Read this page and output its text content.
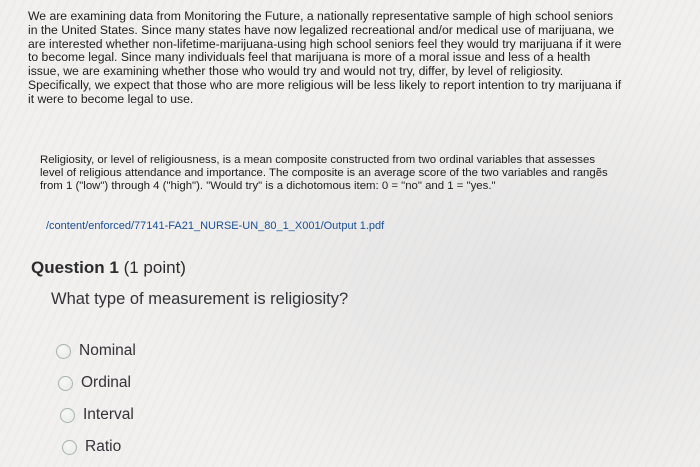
We are examining data from Monitoring the Future, a nationally representative sample of high school seniors in the United States. Since many states have now legalized recreational and/or medical use of marijuana, we are interested whether non-lifetime-marijuana-using high school seniors feel they would try marijuana if it were to become legal. Since many individuals feel that marijuana is more of a moral issue and less of a health issue, we are examining whether those who would try and would not try, differ, by level of religiosity. Specifically, we expect that those who are more religious will be less likely to report intention to try marijuana if it were to become legal to use.

Religiosity, or level of religiousness, is a mean composite constructed from two ordinal variables that assesses level of religious attendance and importance. The composite is an average score of the two variables and rangẽs from 1 ("low") through 4 ("high"). "Would try" is a dichotomous item: 0 = "no" and 1 = "yes."

/content/enforced/77141-FA21_NURSE-UN_80_1_X001/Output 1.pdf
Question 1 (1 point)

What type of measurement is religiosity?

Nominal
Ordinal
Interval
Ratio
